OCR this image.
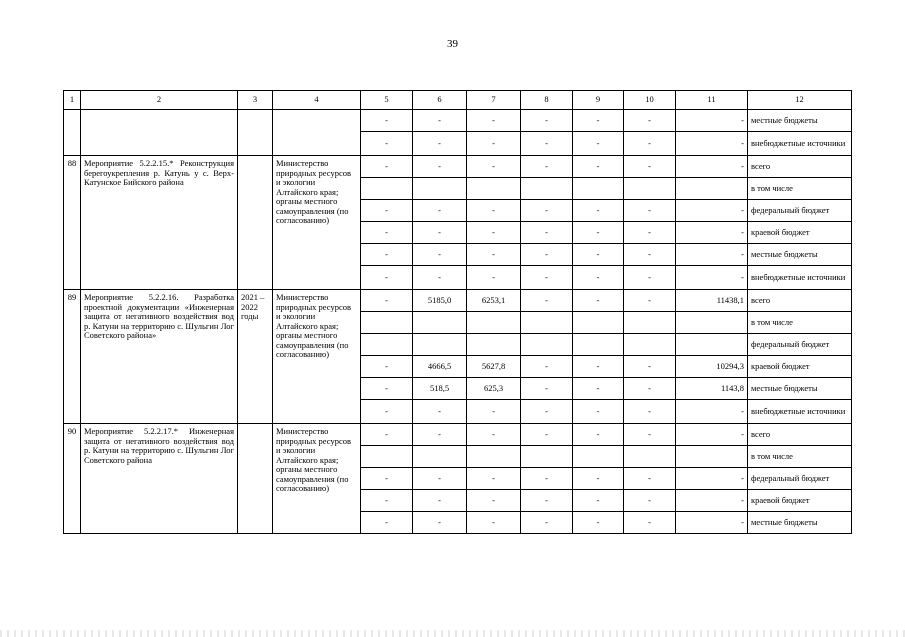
39
1	2	3	4	5	6	7	8	9	10	11	12
				-	-	-	-	-	-	-	местные бюджеты
				-	-	-	-	-	-	-	внебюджетные источники
88	Мероприятие 5.2.2.15.* Реконструкция берегоукрепления р. Катунь у с. Верх-Катунское Бийского района		Министерство природных ресурсов и экологии Алтайского края; органы местного самоуправления (по согласованию)	-	-	-	-	-	-	-	всего
											в том числе
				-	-	-	-	-	-	-	федеральный бюджет
				-	-	-	-	-	-	-	краевой бюджет
				-	-	-	-	-	-	-	местные бюджеты
				-	-	-	-	-	-	-	внебюджетные источники
89	Мероприятие 5.2.2.16. Разработка проектной документации «Инженерная защита от негативного воздействия вод р. Катуни на территорию с. Шульгин Лог Советского района»	2021 – 2022 годы	Министерство природных ресурсов и экологии Алтайского края; органы местного самоуправления (по согласованию)	-	5185,0	6253,1	-	-	-	11438,1	всего
											в том числе
											федеральный бюджет
				-	4666,5	5627,8	-	-	-	10294,3	краевой бюджет
				-	518,5	625,3	-	-	-	1143,8	местные бюджеты
				-	-	-	-	-	-	-	внебюджетные источники
90	Мероприятие 5.2.2.17.* Инженерная защита от негативного воздействия вод р. Катуни на территорию с. Шульгин Лог Советского района		Министерство природных ресурсов и экологии Алтайского края; органы местного самоуправления (по согласованию)	-	-	-	-	-	-	-	всего
											в том числе
				-	-	-	-	-	-	-	федеральный бюджет
				-	-	-	-	-	-	-	краевой бюджет
				-	-	-	-	-	-	-	местные бюджеты
